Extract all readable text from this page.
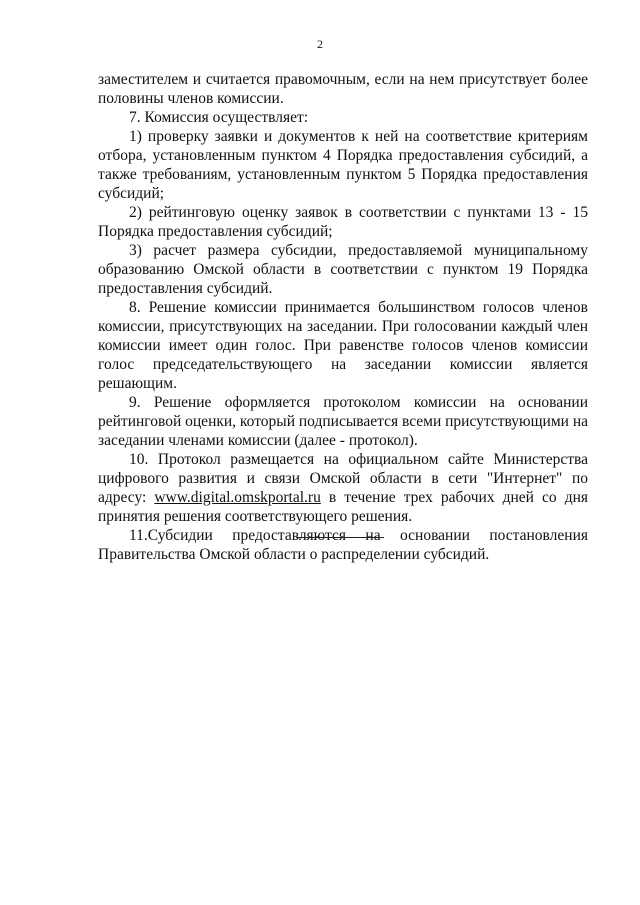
2

заместителем и считается правомочным, если на нем присутствует более половины членов комиссии.

7. Комиссия осуществляет:

1) проверку заявки и документов к ней на соответствие критериям отбора, установленным пунктом 4 Порядка предоставления субсидий, а также требованиям, установленным пунктом 5 Порядка предоставления субсидий;

2) рейтинговую оценку заявок в соответствии с пунктами 13 - 15 Порядка предоставления субсидий;

3) расчет размера субсидии, предоставляемой муниципальному образованию Омской области в соответствии с пунктом 19 Порядка предоставления субсидий.

8. Решение комиссии принимается большинством голосов членов комиссии, присутствующих на заседании. При голосовании каждый член комиссии имеет один голос. При равенстве голосов членов комиссии голос председательствующего на заседании комиссии является решающим.

9. Решение оформляется протоколом комиссии на основании рейтинговой оценки, который подписывается всеми присутствующими на заседании членами комиссии (далее - протокол).

10. Протокол размещается на официальном сайте Министерства цифрового развития и связи Омской области в сети "Интернет" по адресу: www.digital.omskportal.ru в течение трех рабочих дней со дня принятия решения соответствующего решения.

11.Субсидии предоставляются на основании постановления Правительства Омской области о распределении субсидий.
